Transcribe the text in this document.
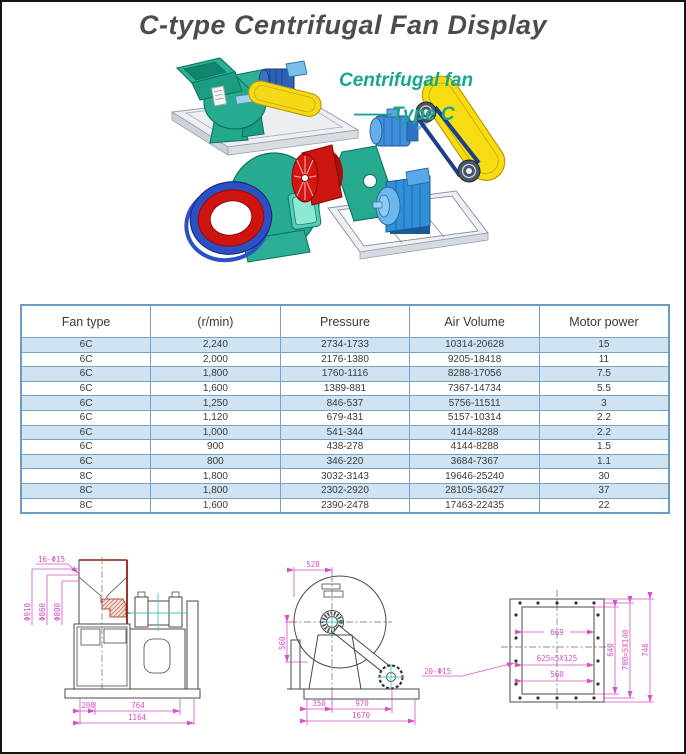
C-type Centrifugal Fan Display
Centrifugal fan
——Type C
Fan type	(r/min)	Pressure	Air Volume	Motor power
6C	2,240	2734-1733	10314-20628	15
6C	2,000	2176-1380	9205-18418	11
6C	1,800	1760-1116	8288-17056	7.5
6C	1,600	1389-881	7367-14734	5.5
6C	1,250	846-537	5756-11511	3
6C	1,120	679-431	5157-10314	2.2
6C	1,000	541-344	4144-8288	2.2
6C	900	438-278	4144-8288	1.5
6C	800	346-220	3684-7367	1.1
8C	1,800	3032-3143	19646-25240	30
8C	1,800	2302-2920	28105-36427	37
8C	1,600	2390-2478	17463-22435	22
16-Φ15
Φ910 Φ860 Φ800
200	764
1164
528
560
350	970
1670
669
625=5X125
560
640 700=5X140 746
20-Φ15
